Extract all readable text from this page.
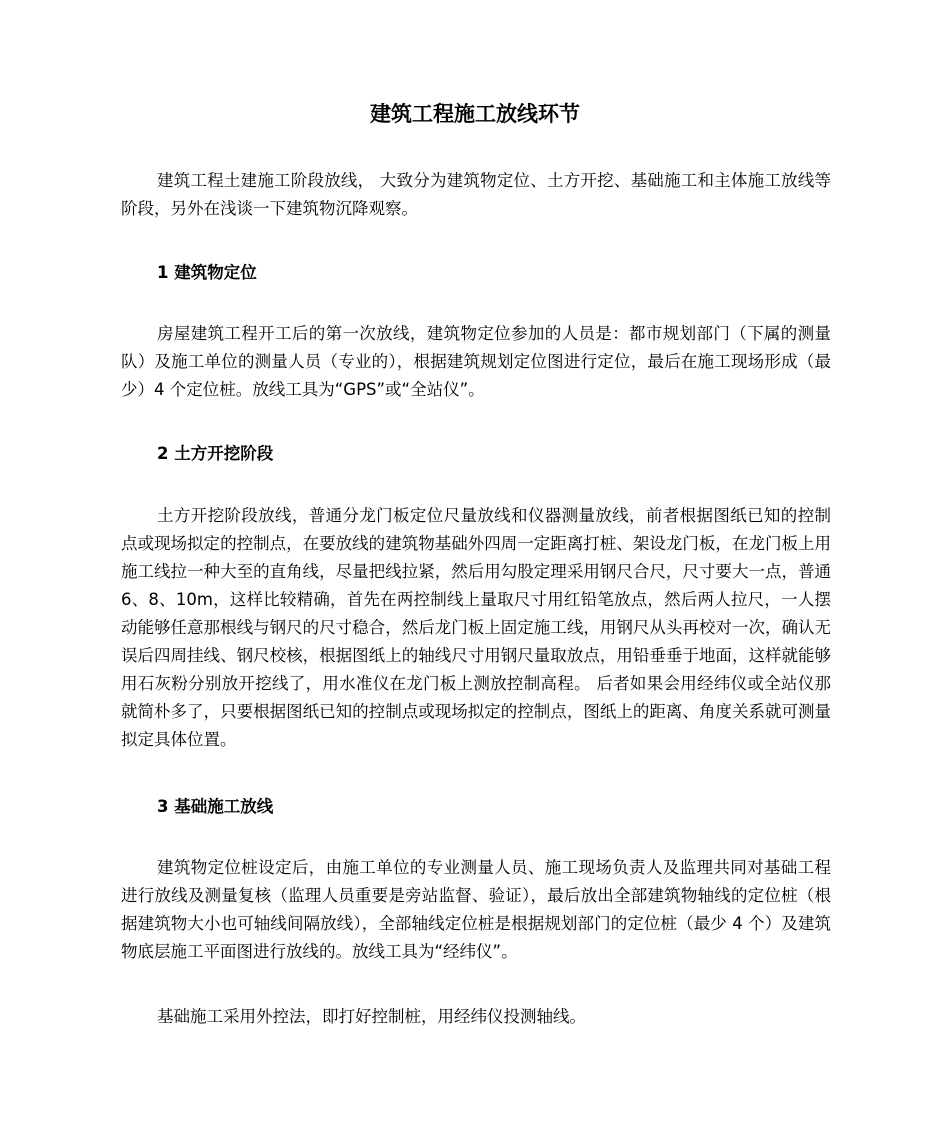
建筑工程施工放线环节

建筑工程土建施工阶段放线， 大致分为建筑物定位、土方开挖、基础施工和主体施工放线等阶段，另外在浅谈一下建筑物沉降观察。

1 建筑物定位

房屋建筑工程开工后的第一次放线，建筑物定位参加的人员是：都市规划部门（下属的测量队）及施工单位的测量人员（专业的），根据建筑规划定位图进行定位，最后在施工现场形成（最少）4 个定位桩。放线工具为“GPS”或“全站仪”。

2 土方开挖阶段

土方开挖阶段放线，普通分龙门板定位尺量放线和仪器测量放线，前者根据图纸已知的控制点或现场拟定的控制点，在要放线的建筑物基础外四周一定距离打桩、架设龙门板，在龙门板上用施工线拉一种大至的直角线，尽量把线拉紧，然后用勾股定理采用钢尺合尺，尺寸要大一点，普通 6、8、10m，这样比较精确，首先在两控制线上量取尺寸用红铅笔放点，然后两人拉尺，一人摆动能够任意那根线与钢尺的尺寸稳合，然后龙门板上固定施工线，用钢尺从头再校对一次，确认无误后四周挂线、钢尺校核，根据图纸上的轴线尺寸用钢尺量取放点，用铅垂垂于地面，这样就能够用石灰粉分别放开挖线了，用水准仪在龙门板上测放控制高程。 后者如果会用经纬仪或全站仪那就简朴多了，只要根据图纸已知的控制点或现场拟定的控制点，图纸上的距离、角度关系就可测量拟定具体位置。

3 基础施工放线

建筑物定位桩设定后，由施工单位的专业测量人员、施工现场负责人及监理共同对基础工程进行放线及测量复核（监理人员重要是旁站监督、验证），最后放出全部建筑物轴线的定位桩（根据建筑物大小也可轴线间隔放线），全部轴线定位桩是根据规划部门的定位桩（最少 4 个）及建筑物底层施工平面图进行放线的。放线工具为“经纬仪”。

基础施工采用外控法，即打好控制桩，用经纬仪投测轴线。
